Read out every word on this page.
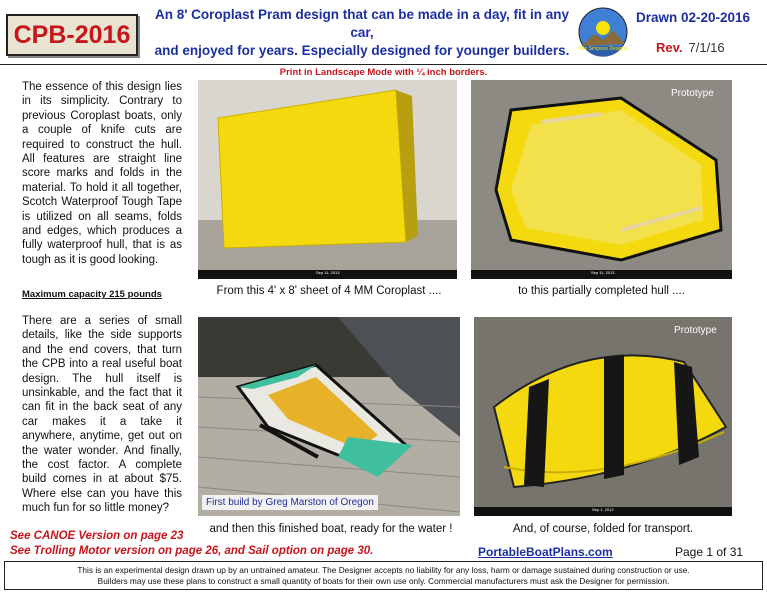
CPB-2016
An 8' Coroplast Pram design that can be made in a day, fit in any car,
and enjoyed for years. Especially designed for younger builders.	Ken Simpson Designs
Drawn 02-20-2016
Rev. 7/1/16
Print in Landscape Mode with ¼ inch borders.
The essence of this design lies in its simplicity. Contrary to previous Coroplast boats, only a couple of knife cuts are required to construct the hull. All features are straight line score marks and folds in the material. To hold it all together, Scotch Waterproof Tough Tape is utilized on all seams, folds and edges, which produces a fully waterproof hull, that is as tough as it is good looking.
Maximum capacity 215 pounds
There are a series of small details, like the side supports and the end covers, that turn the CPB into a real useful boat design. The hull itself is unsinkable, and the fact that it can fit in the back seat of any car makes it a take it anywhere, anytime, get out on the water wonder. And finally, the cost factor. A complete build comes in at about $75. Where else can you have this much fun for so little money?
Sep 11, 2013
From this 4' x 8' sheet of 4 MM Coroplast ....
Prototype
Sep 11, 2013
to this partially completed hull ....
First build by Greg Marston of Oregon
and then this finished boat, ready for the water !
Prototype
Sep 1, 2012
And, of course, folded for transport.
See CANOE Version on page 23
See Trolling Motor version on page 26, and Sail option on page 30.	PortableBoatPlans.com	Page 1 of 31
This is an experimental design drawn up by an untrained amateur. The Designer accepts no liability for any loss, harm or damage sustained during construction or use.
Builders may use these plans to construct a small quantity of boats for their own use only. Commercial manufacturers must ask the Designer for permission.
